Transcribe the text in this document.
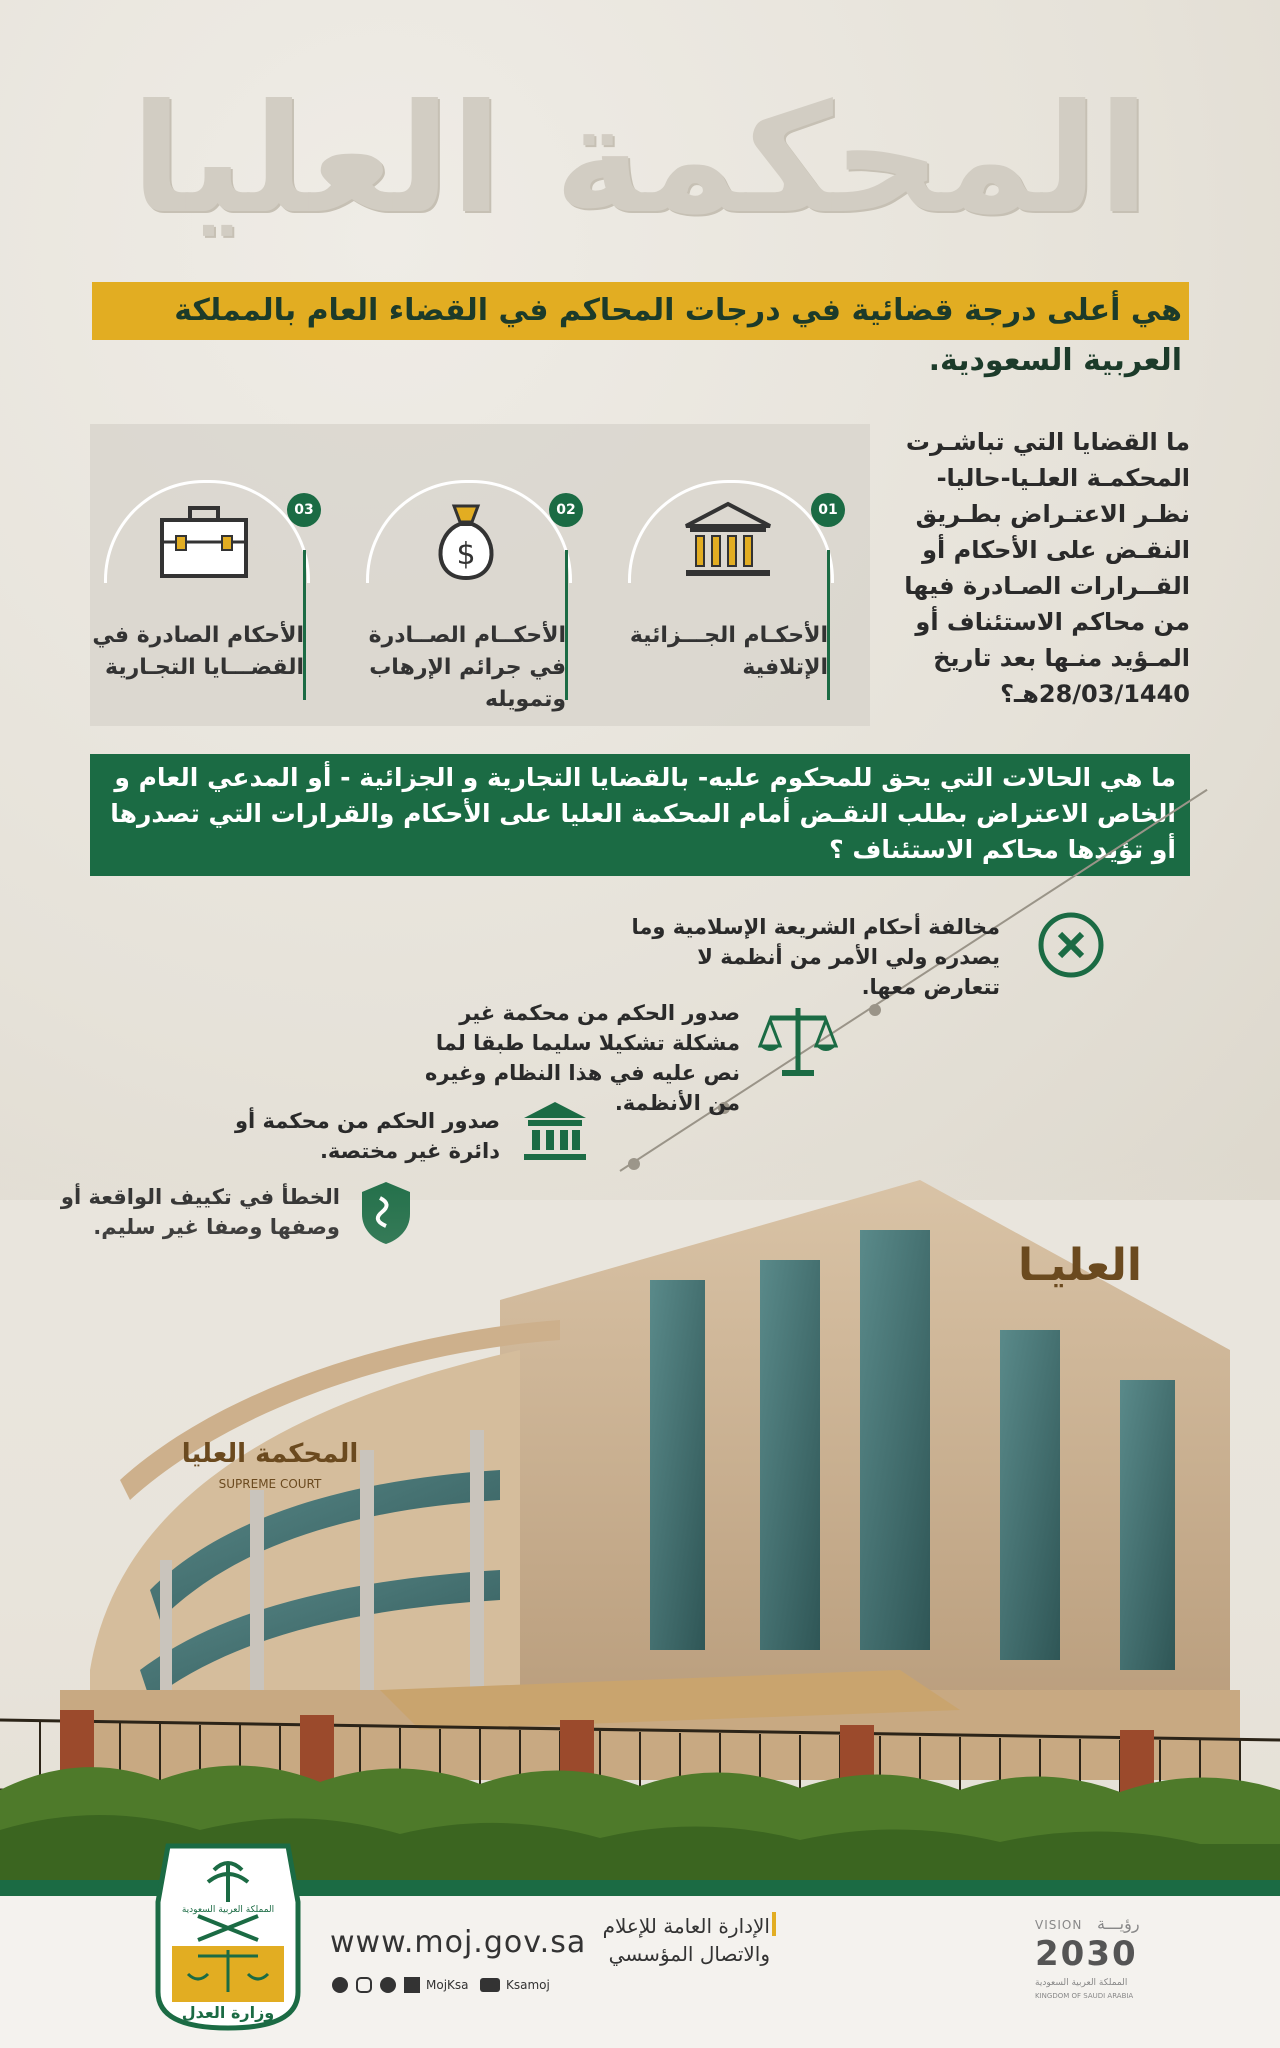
المحكمة العليا
هي أعلى درجة قضائية في درجات المحاكم في القضاء العام بالمملكة العربية السعودية.
ما القضايا التي تباشـرت المحكمـة العلـيا-حاليا- نظـر الاعتـراض بطـريق النقـض على الأحكام أو القــرارات الصـادرة فيها من محاكم الاستئناف أو المـؤيد منـها بعد تاريخ 28/03/1440هـ؟
01
الأحكـام الجـــزائية الإتلافية
02
$
الأحكــام الصــادرة في جرائم الإرهاب وتمويله
03
الأحكام الصادرة في القضـــايا التجـارية
ما هي الحالات التي يحق للمحكوم عليه- بالقضايا التجارية و الجزائية - أو المدعي العام و الخاص الاعتراض بطلب النقـض أمام المحكمة العليا على الأحكام والقرارات التي تصدرها أو تؤيدها محاكم الاستئناف ؟
مخالفة أحكام الشريعة الإسلامية وما يصدره ولي الأمر من أنظمة لا تتعارض معها.
صدور الحكم من محكمة غير مشكلة تشكيلا سليما طبقا لما نص عليه في هذا النظام وغيره من الأنظمة.
صدور الحكم من محكمة أو
العليـا
المحكمة العليا
SUPREME COURT
وزارة العدل
المملكة العربية السعودية
www.moj.gov.sa
MojKsa	Ksamoj
الإدارة العامة للإعلام والاتصال المؤسسي
VISION رؤيـــة
2030
المملكة العربية السعودية
KINGDOM OF SAUDI ARABIA
